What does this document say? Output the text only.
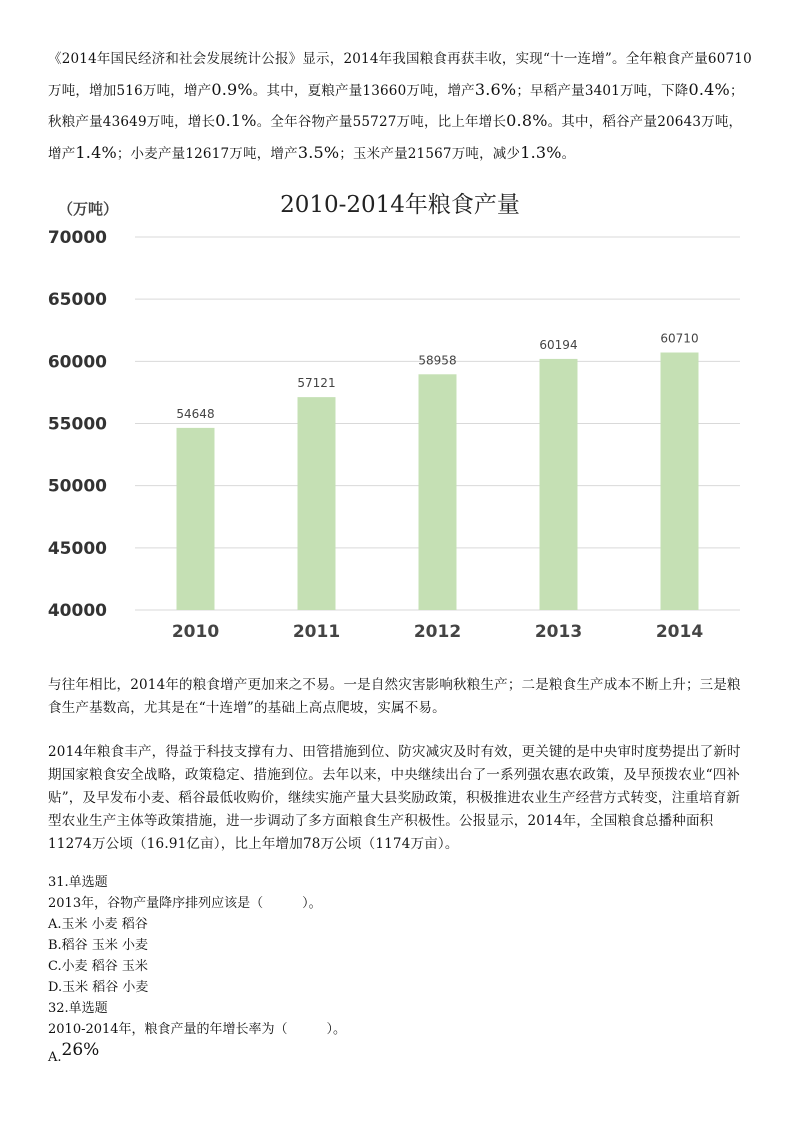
《2014年国民经济和社会发展统计公报》显示，2014年我国粮食再获丰收，实现“十一连增”。全年粮食产量60710万吨，增加516万吨，增产0.9%。其中，夏粮产量13660万吨，增产3.6%；早稻产量3401万吨，下降0.4%；秋粮产量43649万吨，增长0.1%。全年谷物产量55727万吨，比上年增长0.8%。其中，稻谷产量20643万吨，增产1.4%；小麦产量12617万吨，增产3.5%；玉米产量21567万吨，减少1.3%。
2010-2014年粮食产量
（万吨）
40000
45000
50000
55000
60000
65000
70000
54648
57121
58958
60194	60710
2010	2011	2012	2013	2014
与往年相比，2014年的粮食增产更加来之不易。一是自然灾害影响秋粮生产；二是粮食生产成本不断上升；三是粮食生产基数高，尤其是在“十连增”的基础上高点爬坡，实属不易。
2014年粮食丰产，得益于科技支撑有力、田管措施到位、防灾减灾及时有效，更关键的是中央审时度势提出了新时期国家粮食安全战略，政策稳定、措施到位。去年以来，中央继续出台了一系列强农惠农政策，及早预拨农业“四补贴”，及早发布小麦、稻谷最低收购价，继续实施产量大县奖励政策，积极推进农业生产经营方式转变，注重培育新型农业生产主体等政策措施，进一步调动了多方面粮食生产积极性。公报显示，2014年，全国粮食总播种面积11274万公顷（16.91亿亩），比上年增加78万公顷（1174万亩）。
31.单选题
2013年，谷物产量降序排列应该是（　　　）。
A.玉米 小麦 稻谷
B.稻谷 玉米 小麦
C.小麦 稻谷 玉米
D.玉米 稻谷 小麦
32.单选题
2010-2014年，粮食产量的年增长率为（　　　）。
A.26%
